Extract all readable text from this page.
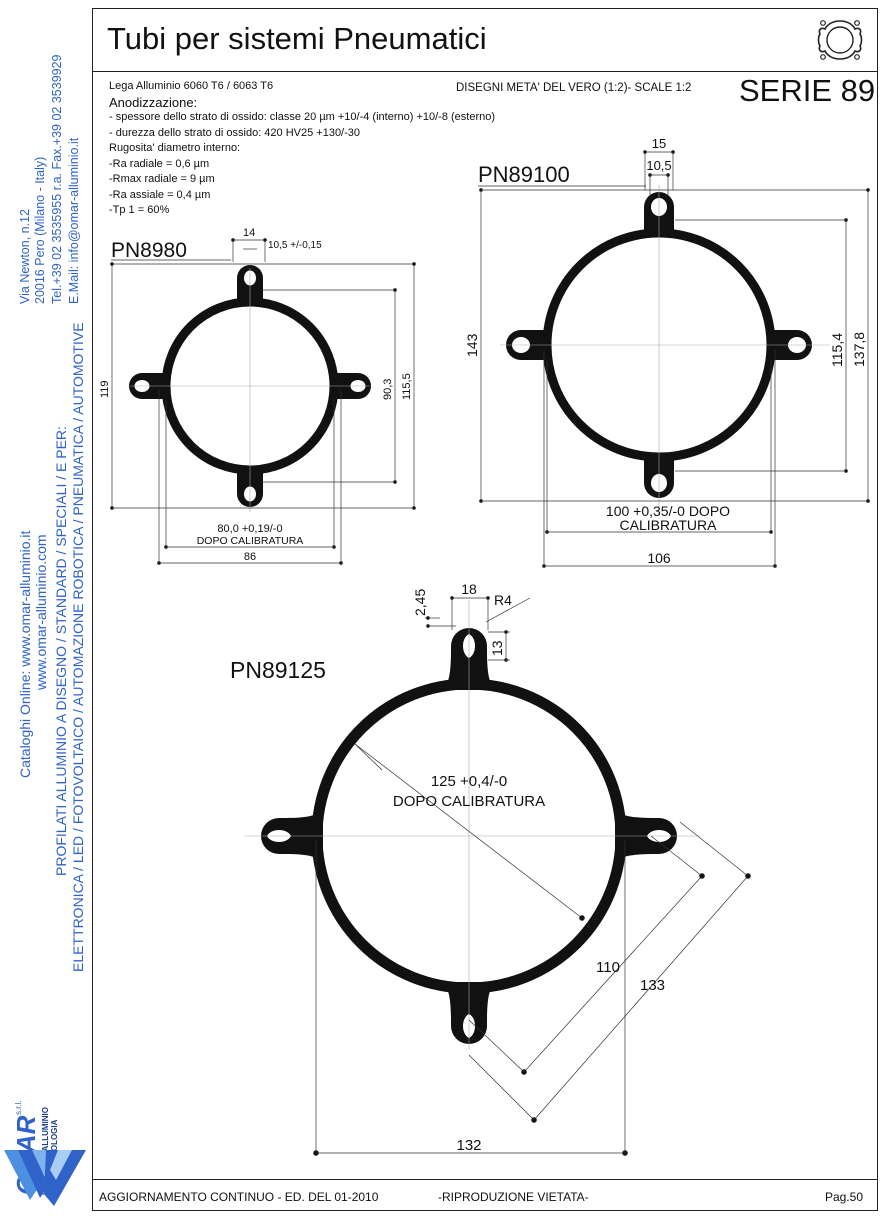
Via Newton, n.12 20016 Pero (Milano - Italy) Tel.+39 02 3535955 r.a. Fax.+39 02 3539929 E.Mail: info@omar-alluminio.it
Cataloghi Online: www.omar-alluminio.it www.omar-alluminio.com PROFILATI ALLUMINIO A DISEGNO / STANDARD / SPECIALI / E PER: ELETTRONICA / LED / FOTOVOLTAICO / AUTOMAZIONE ROBOTICA / PNEUMATICA / AUTOMOTIVE
s.r.l.
Tubi per sistemi Pneumatici
Lega Alluminio 6060 T6 / 6063 T6
Anodizzazione:
- spessore dello strato di ossido: classe 20 µm +10/-4 (interno) +10/-8 (esterno)
- durezza dello strato di ossido: 420 HV25 +130/-30
Rugosita' diametro interno:
-Ra radiale = 0,6 µm
-Rmax radiale = 9 µm
-Ra assiale = 0,4 µm
-Tp 1 = 60%
DISEGNI META' DEL VERO (1:2)- SCALE 1:2 SERIE 89
AGGIORNAMENTO CONTINUO - ED. DEL 01-2010	-RIPRODUZIONE VIETATA-	Pag.50
PN8980
14
10,5 +/-0,15
119	90,3 115,5
80,0 +0,19/-0
DOPO CALIBRATURA
86
PN89100
15
10,5
143	115,4 137,8
100 +0,35/-0 DOPO
CALIBRATURA
106
PN89125
2,45 18
R4
13
125 +0,4/-0
DOPO CALIBRATURA
110
133
132
